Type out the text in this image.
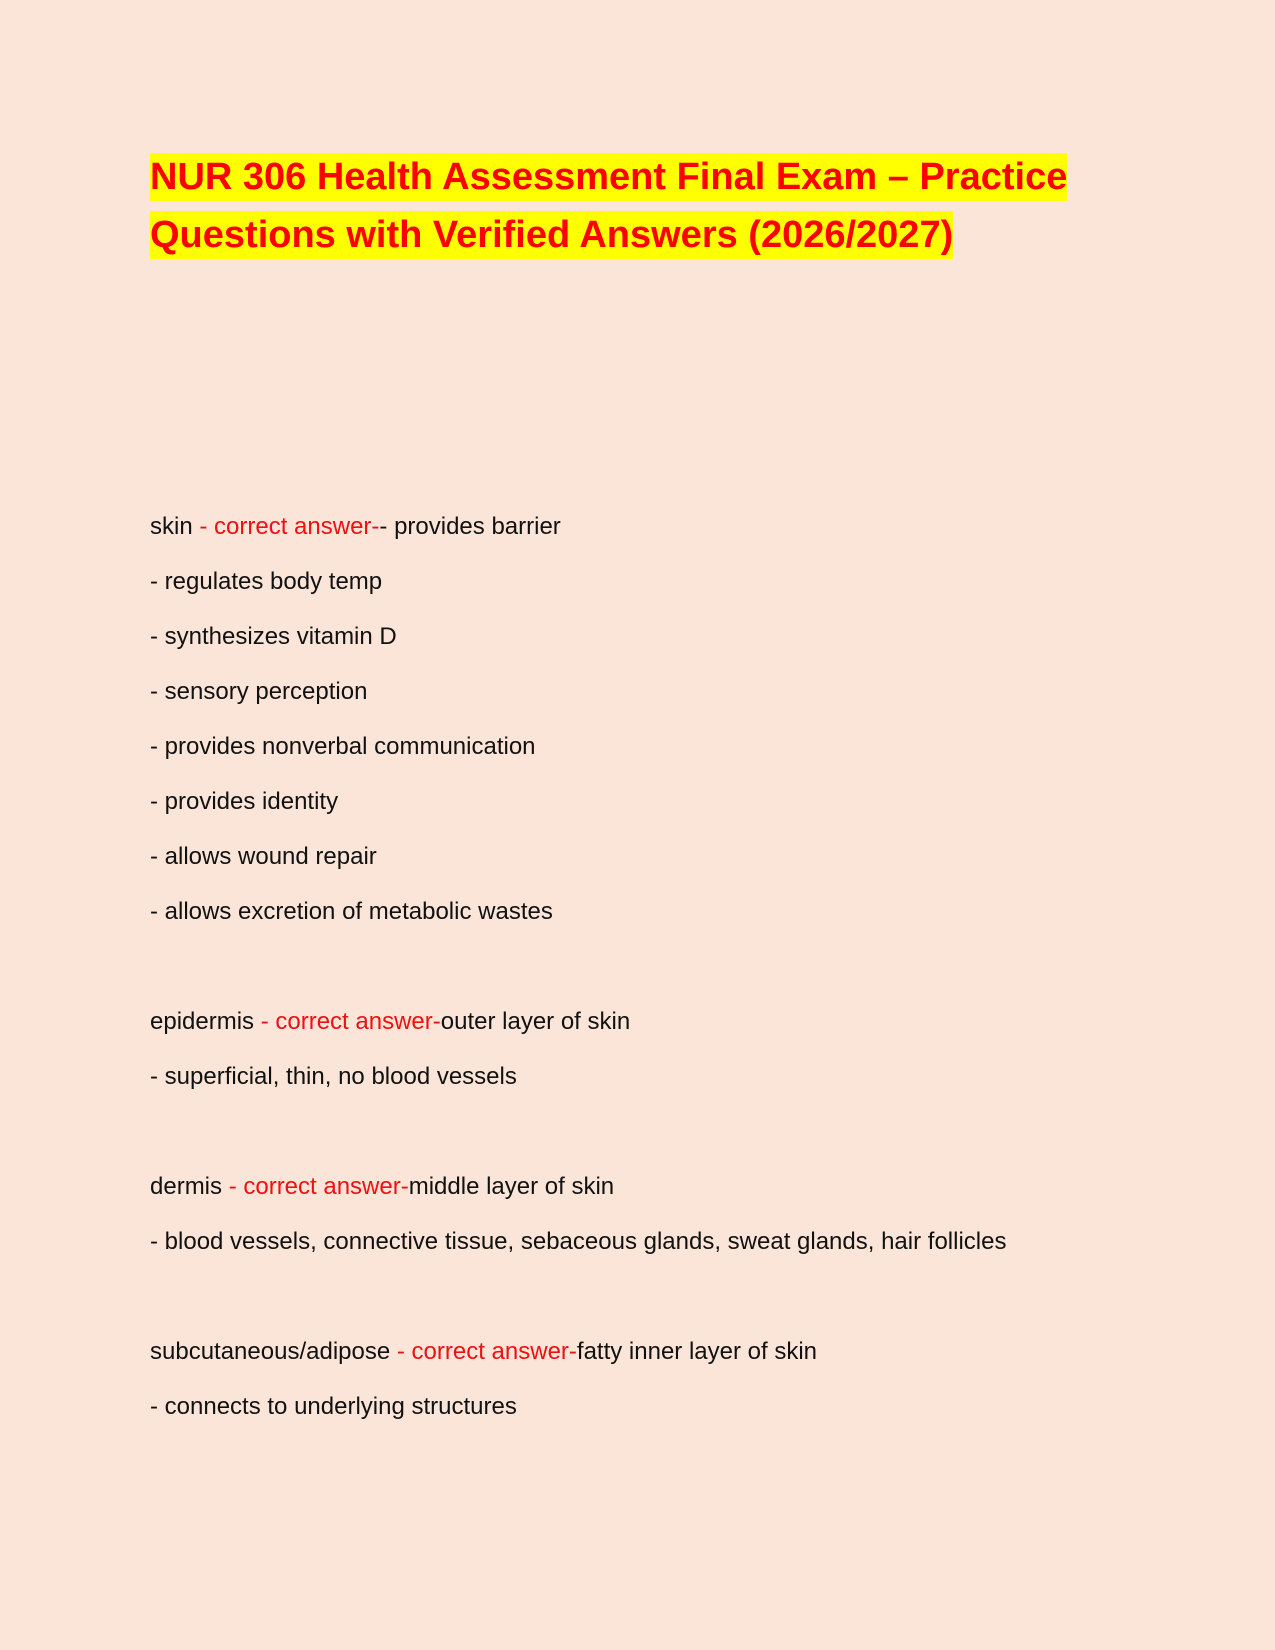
NUR 306 Health Assessment Final Exam – Practice
Questions with Verified Answers (2026/2027)
skin - correct answer-- provides barrier
- regulates body temp
- synthesizes vitamin D
- sensory perception
- provides nonverbal communication
- provides identity
- allows wound repair
- allows excretion of metabolic wastes
epidermis - correct answer-outer layer of skin
- superficial, thin, no blood vessels
dermis - correct answer-middle layer of skin
- blood vessels, connective tissue, sebaceous glands, sweat glands, hair follicles
subcutaneous/adipose - correct answer-fatty inner layer of skin
- connects to underlying structures
